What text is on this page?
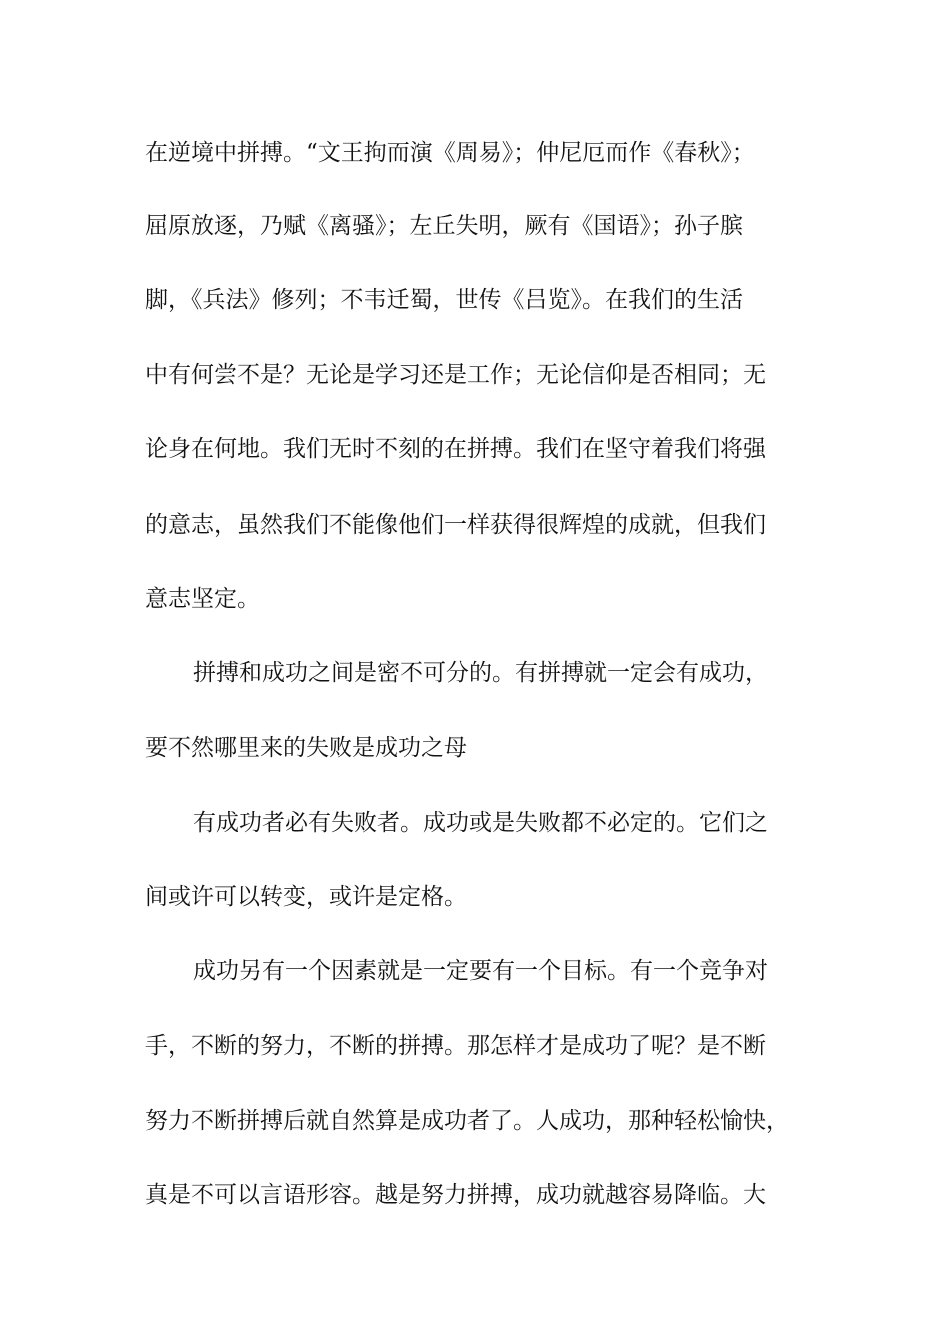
在逆境中拼搏。“文王拘而演《周易》；仲尼厄而作《春秋》；

屈原放逐，乃赋《离骚》；左丘失明，厥有《国语》；孙子膑

脚，《兵法》修列；不韦迁蜀，世传《吕览》。在我们的生活

中有何尝不是？无论是学习还是工作；无论信仰是否相同；无

论身在何地。我们无时不刻的在拼搏。我们在坚守着我们将强

的意志，虽然我们不能像他们一样获得很辉煌的成就，但我们

意志坚定。

拼搏和成功之间是密不可分的。有拼搏就一定会有成功，

要不然哪里来的失败是成功之母

有成功者必有失败者。成功或是失败都不必定的。它们之

间或许可以转变，或许是定格。

成功另有一个因素就是一定要有一个目标。有一个竞争对

手，不断的努力，不断的拼搏。那怎样才是成功了呢？是不断

努力不断拼搏后就自然算是成功者了。人成功，那种轻松愉快，

真是不可以言语形容。越是努力拼搏，成功就越容易降临。大
